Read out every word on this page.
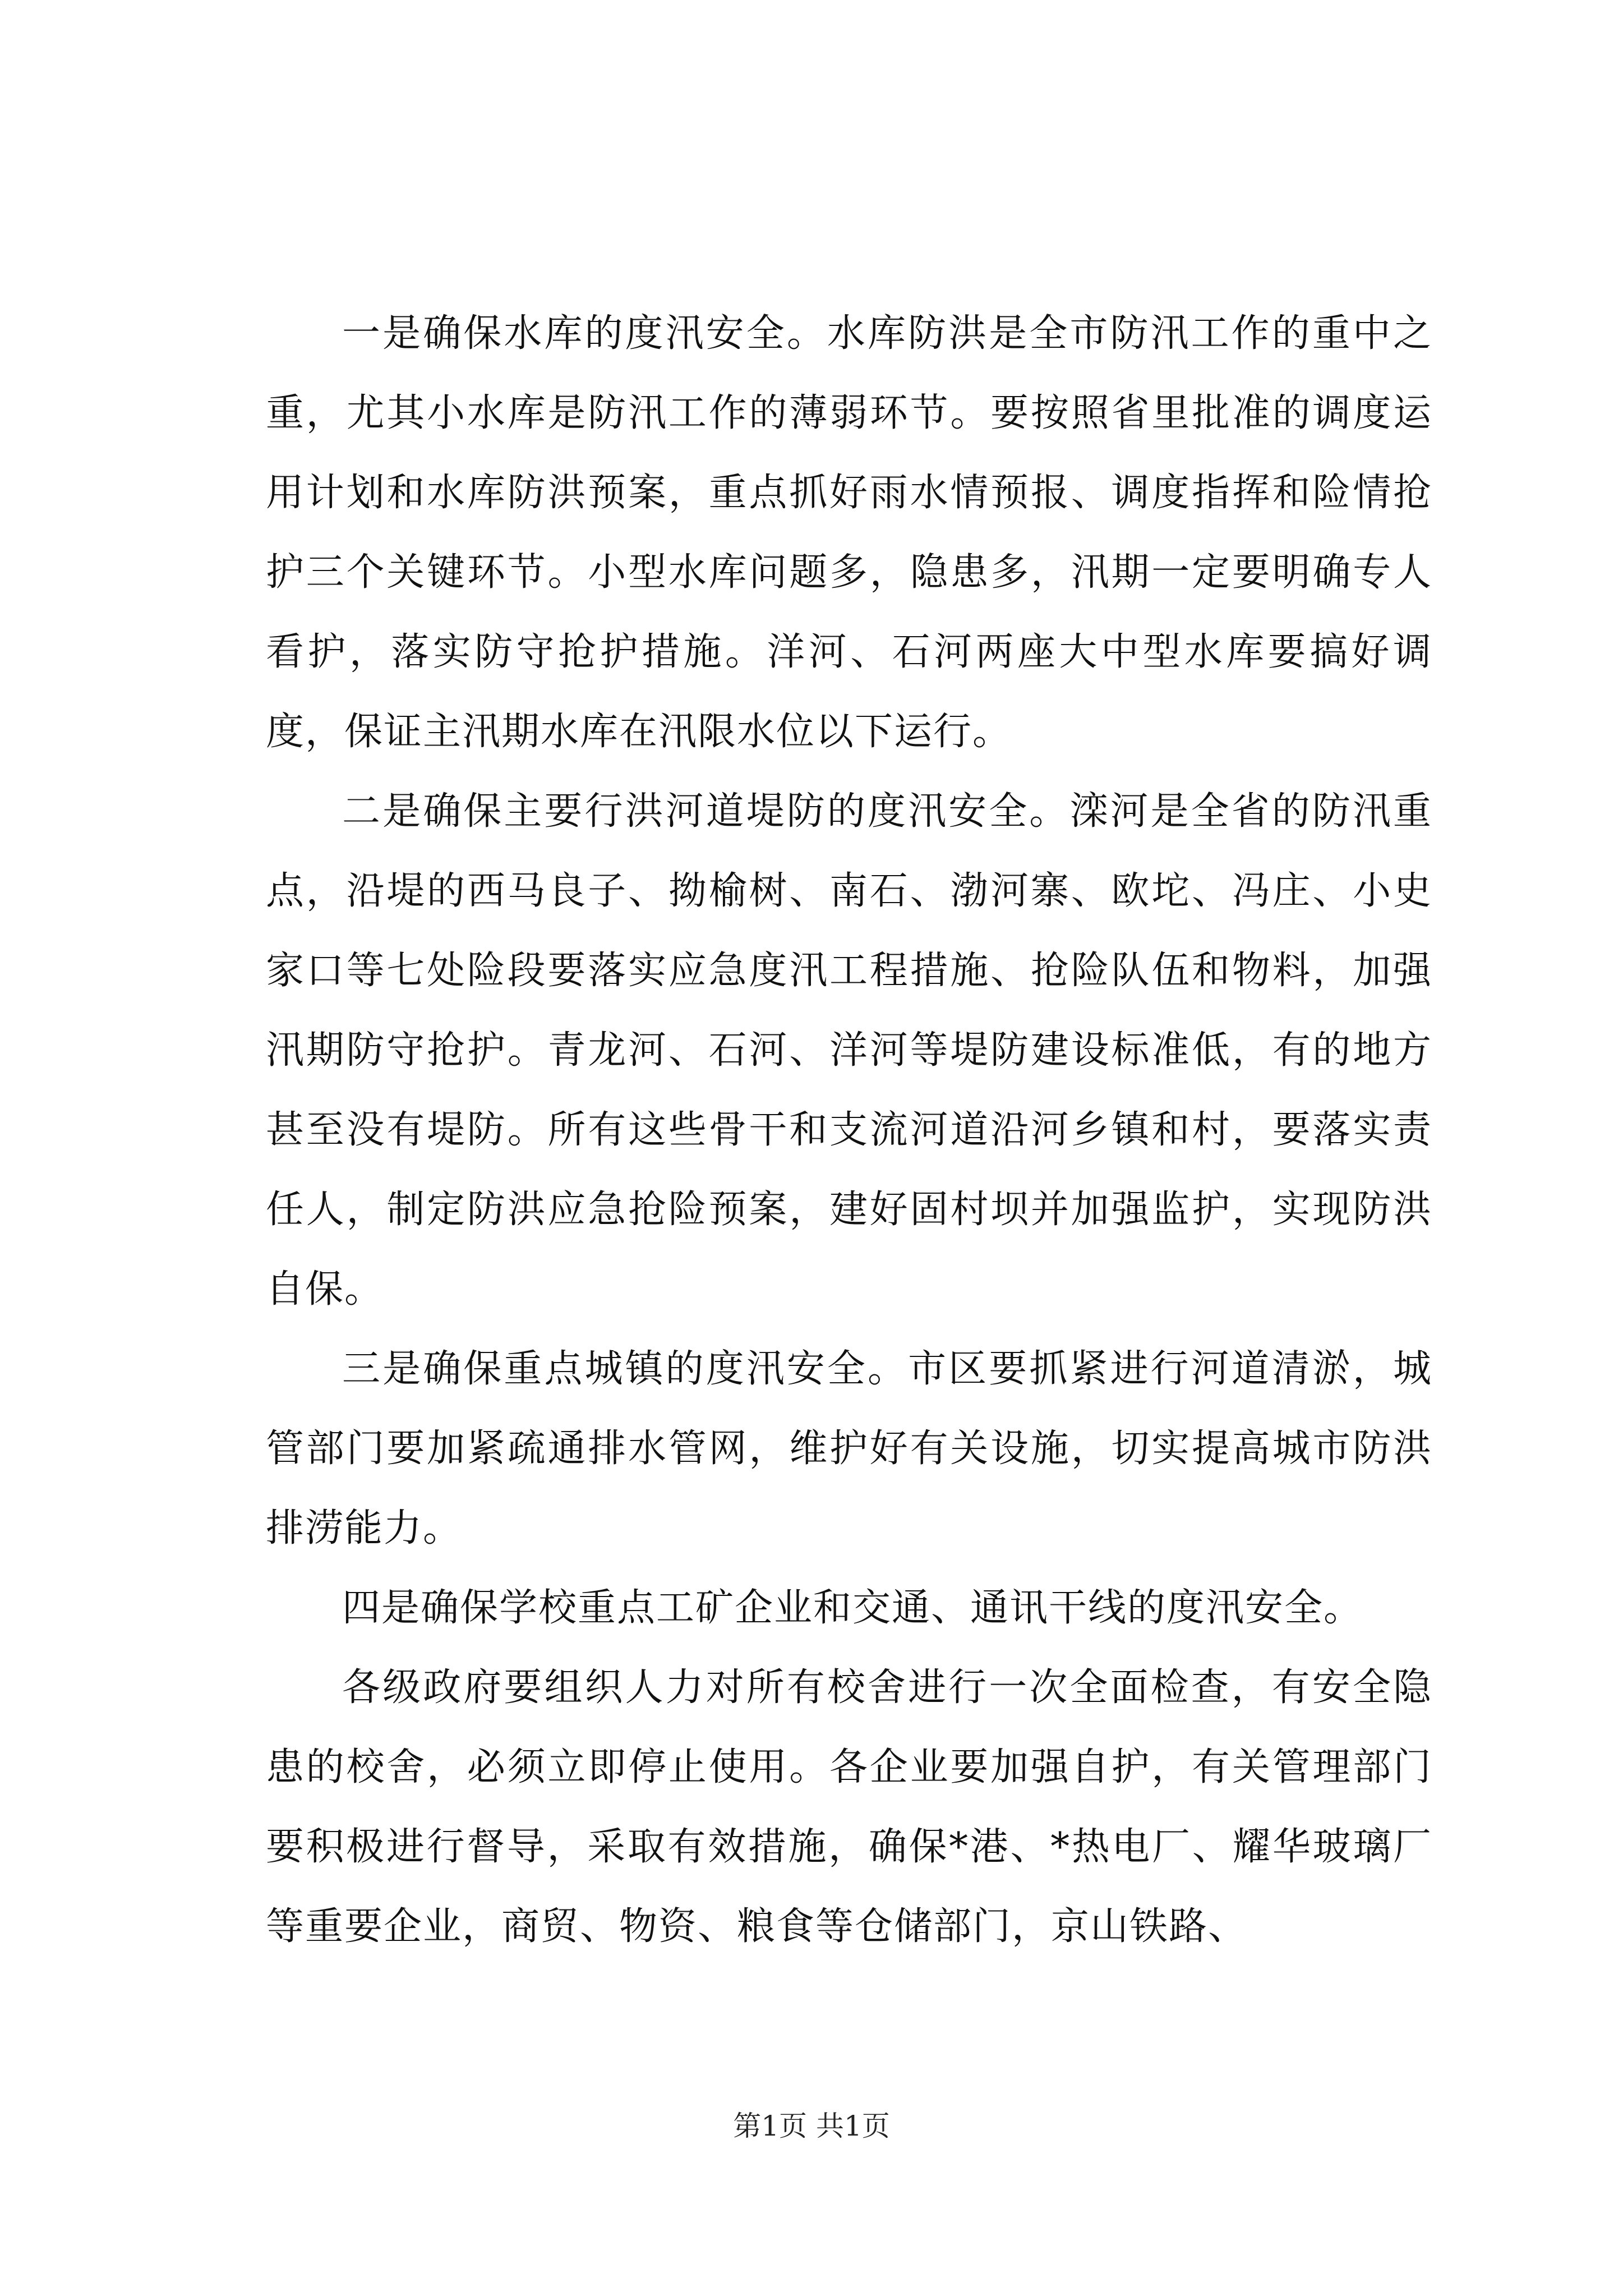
一是确保水库的度汛安全。水库防洪是全市防汛工作的重中之重，尤其小水库是防汛工作的薄弱环节。要按照省里批准的调度运用计划和水库防洪预案，重点抓好雨水情预报、调度指挥和险情抢护三个关键环节。小型水库问题多，隐患多，汛期一定要明确专人看护，落实防守抢护措施。洋河、石河两座大中型水库要搞好调度，保证主汛期水库在汛限水位以下运行。

二是确保主要行洪河道堤防的度汛安全。滦河是全省的防汛重点，沿堤的西马良子、拗榆树、南石、渤河寨、欧坨、冯庄、小史家口等七处险段要落实应急度汛工程措施、抢险队伍和物料，加强汛期防守抢护。青龙河、石河、洋河等堤防建设标准低，有的地方甚至没有堤防。所有这些骨干和支流河道沿河乡镇和村，要落实责任人，制定防洪应急抢险预案，建好固村坝并加强监护，实现防洪自保。

三是确保重点城镇的度汛安全。市区要抓紧进行河道清淤，城管部门要加紧疏通排水管网，维护好有关设施，切实提高城市防洪排涝能力。

四是确保学校重点工矿企业和交通、通讯干线的度汛安全。

各级政府要组织人力对所有校舍进行一次全面检查，有安全隐患的校舍，必须立即停止使用。各企业要加强自护，有关管理部门要积极进行督导，采取有效措施，确保*港、*热电厂、耀华玻璃厂等重要企业，商贸、物资、粮食等仓储部门，京山铁路、

第1页 共1页
